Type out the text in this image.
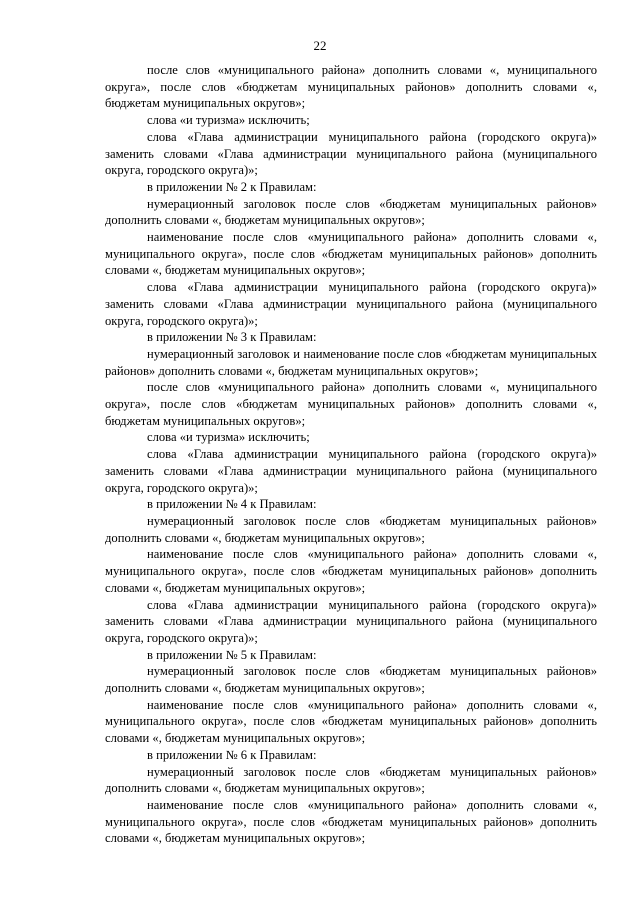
22

после слов «муниципального района» дополнить словами «, муниципального округа», после слов «бюджетам муниципальных районов» дополнить словами «, бюджетам муниципальных округов»;

слова «и туризма» исключить;

слова «Глава администрации муниципального района (городского округа)» заменить словами «Глава администрации муниципального района (муниципального округа, городского округа)»;

в приложении № 2 к Правилам:

нумерационный заголовок после слов «бюджетам муниципальных районов» дополнить словами «, бюджетам муниципальных округов»;

наименование после слов «муниципального района» дополнить словами «, муниципального округа», после слов «бюджетам муниципальных районов» дополнить словами «, бюджетам муниципальных округов»;

слова «Глава администрации муниципального района (городского округа)» заменить словами «Глава администрации муниципального района (муниципального округа, городского округа)»;

в приложении № 3 к Правилам:

нумерационный заголовок и наименование после слов «бюджетам муниципальных районов» дополнить словами «, бюджетам муниципальных округов»;

после слов «муниципального района» дополнить словами «, муниципального округа», после слов «бюджетам муниципальных районов» дополнить словами «, бюджетам муниципальных округов»;

слова «и туризма» исключить;

слова «Глава администрации муниципального района (городского округа)» заменить словами «Глава администрации муниципального района (муниципального округа, городского округа)»;

в приложении № 4 к Правилам:

нумерационный заголовок после слов «бюджетам муниципальных районов» дополнить словами «, бюджетам муниципальных округов»;

наименование после слов «муниципального района» дополнить словами «, муниципального округа», после слов «бюджетам муниципальных районов» дополнить словами «, бюджетам муниципальных округов»;

слова «Глава администрации муниципального района (городского округа)» заменить словами «Глава администрации муниципального района (муниципального округа, городского округа)»;

в приложении № 5 к Правилам:

нумерационный заголовок после слов «бюджетам муниципальных районов» дополнить словами «, бюджетам муниципальных округов»;

наименование после слов «муниципального района» дополнить словами «, муниципального округа», после слов «бюджетам муниципальных районов» дополнить словами «, бюджетам муниципальных округов»;

в приложении № 6 к Правилам:

нумерационный заголовок после слов «бюджетам муниципальных районов» дополнить словами «, бюджетам муниципальных округов»;

наименование после слов «муниципального района» дополнить словами «, муниципального округа», после слов «бюджетам муниципальных районов» дополнить словами «, бюджетам муниципальных округов»;
